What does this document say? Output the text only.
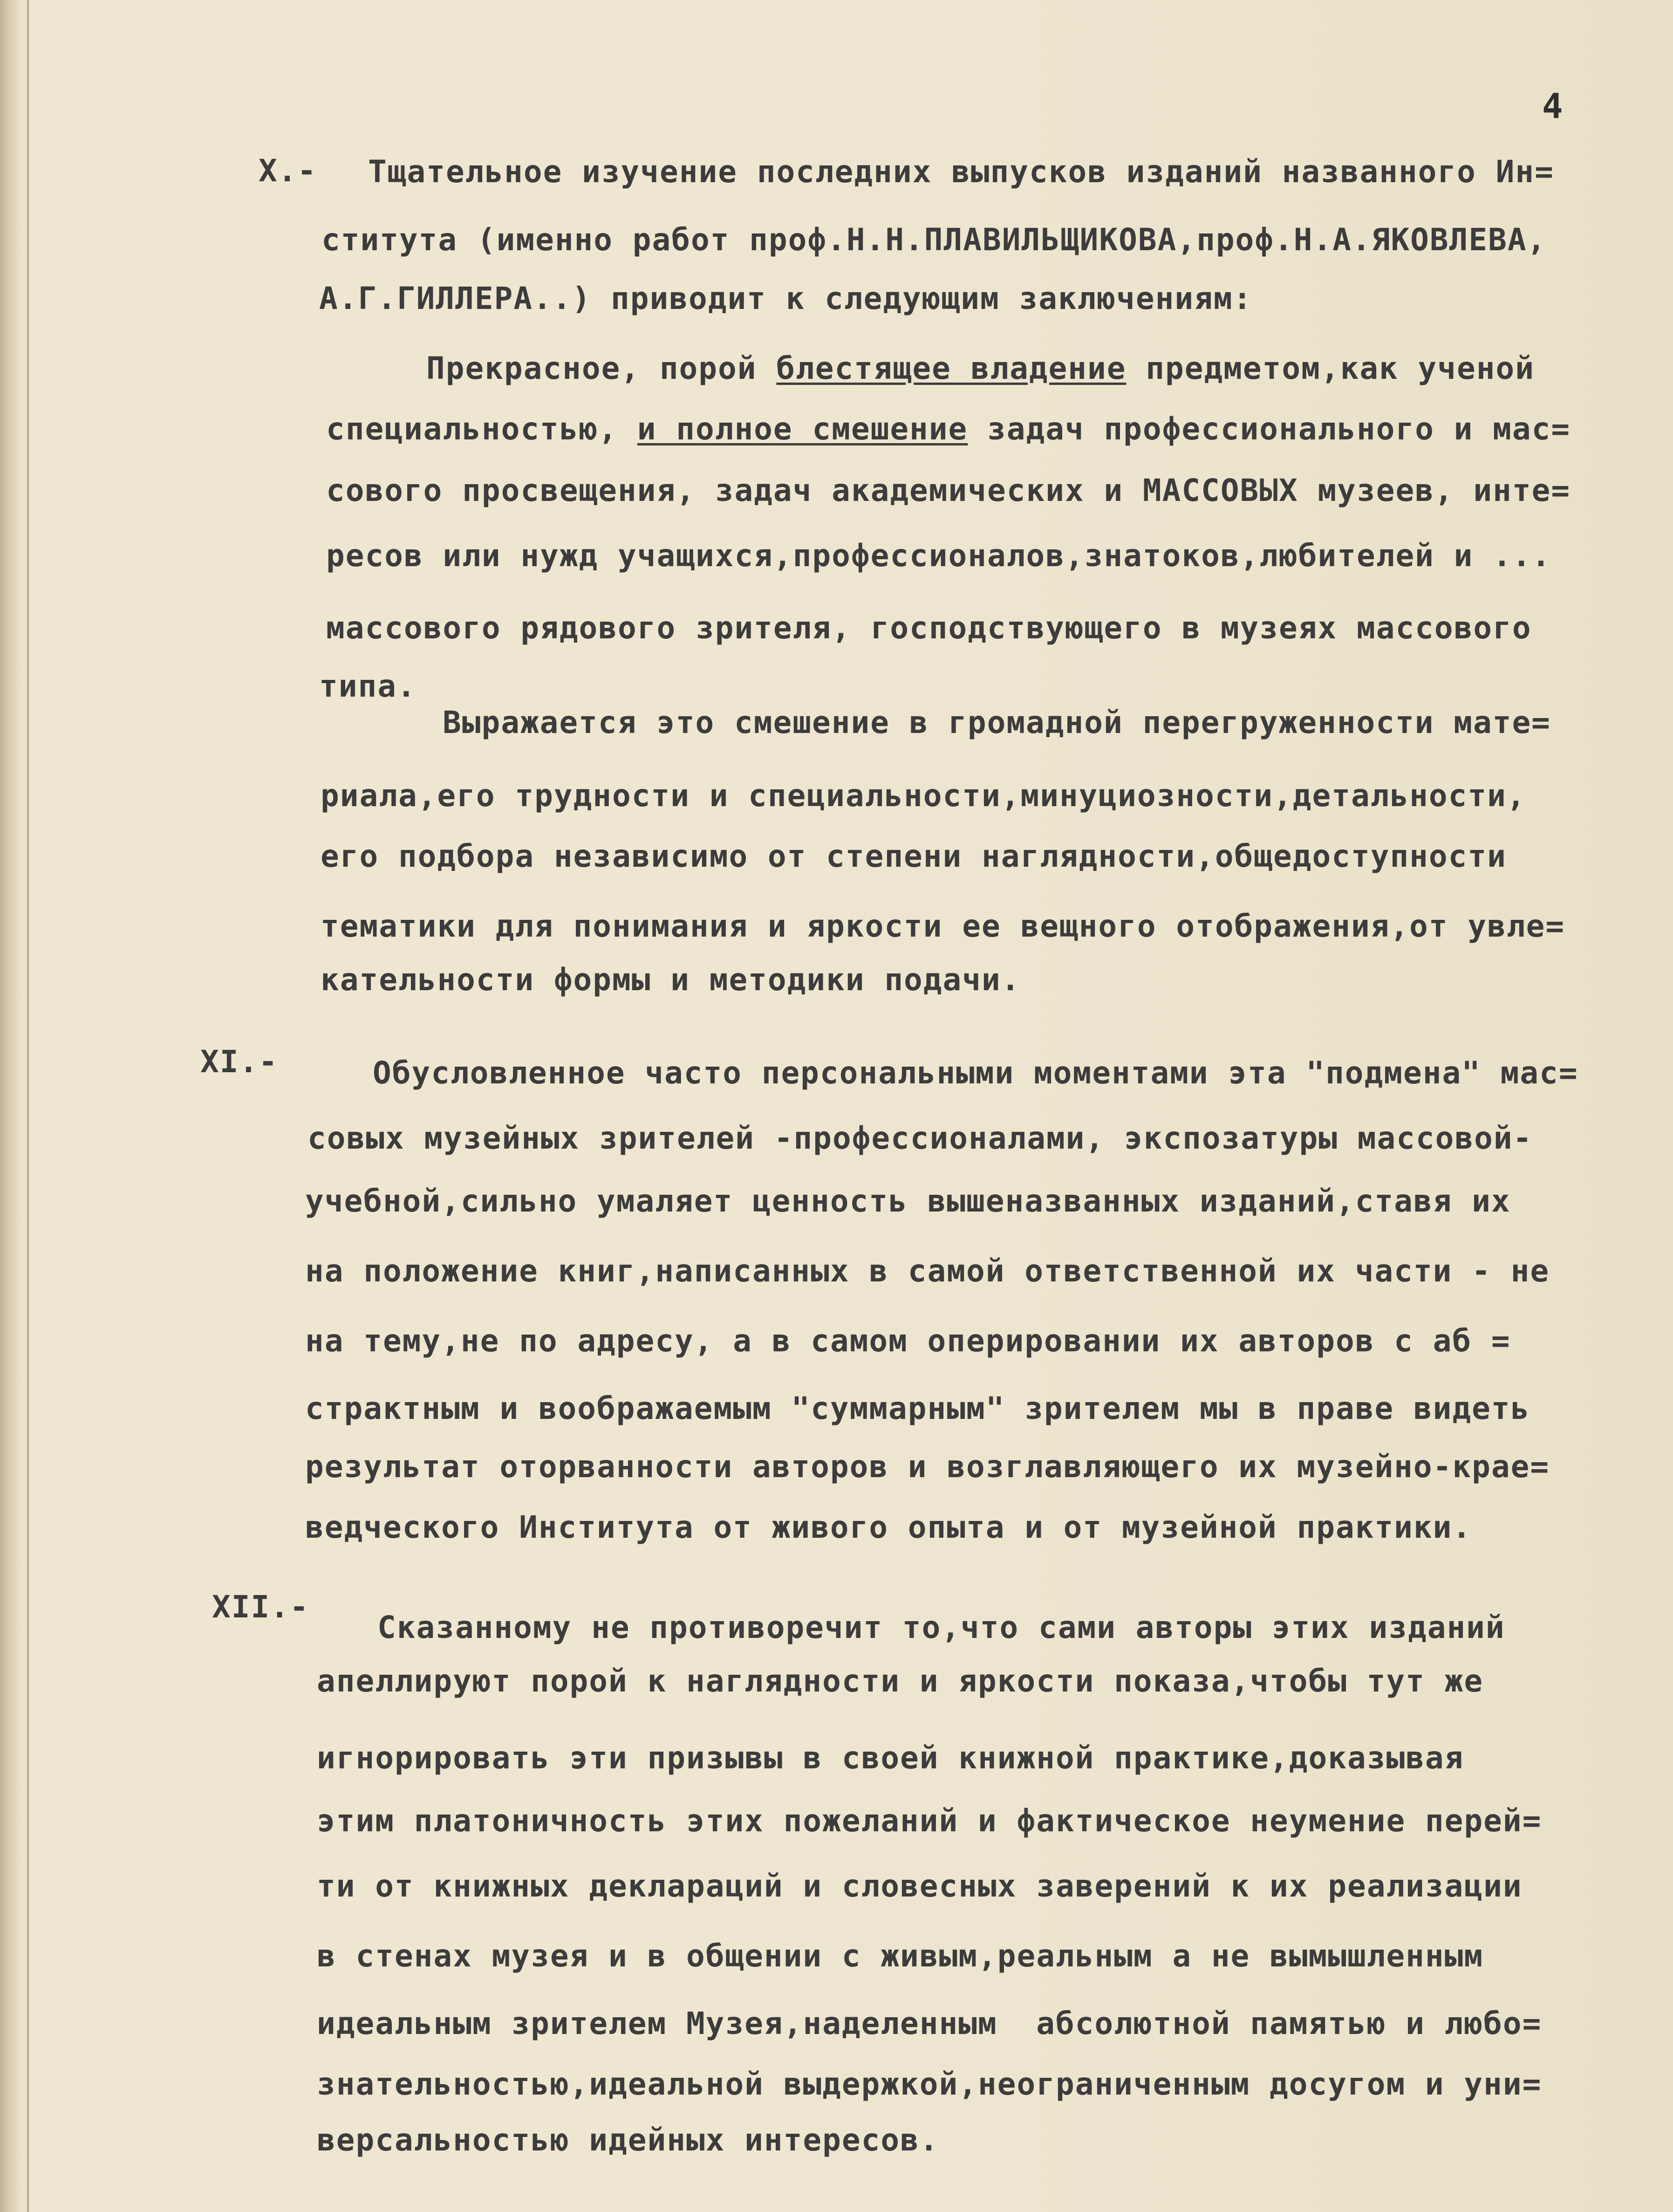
4
X.- Тщательное изучение последних выпусков изданий названного Ин=
ститута (именно работ проф.Н.Н.ПЛАВИЛЬЩИКОВА,проф.Н.А.ЯКОВЛЕВА,
А.Г.ГИЛЛЕРА..) приводит к следующим заключениям:
Прекрасное, порой блестящее владение предметом,как ученой
специальностью, и полное смешение задач профессионального и мас=
сового просвещения, задач академических и МАССОВЫХ музеев, инте=
ресов или нужд учащихся,профессионалов,знатоков,любителей и ...
массового рядового зрителя, господствующего в музеях массового
типа.
Выражается это смешение в громадной перегруженности мате=
риала,его трудности и специальности,минуциозности,детальности,
его подбора независимо от степени наглядности,общедоступности
тематики для понимания и яркости ее вещного отображения,от увле=
кательности формы и методики подачи.
XI.-	Обусловленное часто персональными моментами эта "подмена" мас=
совых музейных зрителей -профессионалами, экспозатуры массовой-
учебной,сильно умаляет ценность вышеназванных изданий,ставя их
на положение книг,написанных в самой ответственной их части - не
на тему,не по адресу, а в самом оперировании их авторов с аб =
страктным и воображаемым "суммарным" зрителем мы в праве видеть
результат оторванности авторов и возглавляющего их музейно-крае=
ведческого Института от живого опыта и от музейной практики.
XII.-
Сказанному не противоречит то,что сами авторы этих изданий
апеллируют порой к наглядности и яркости показа,чтобы тут же
игнорировать эти призывы в своей книжной практике,доказывая
этим платоничность этих пожеланий и фактическое неумение перей=
ти от книжных деклараций и словесных заверений к их реализации
в стенах музея и в общении с живым,реальным а не вымышленным
идеальным зрителем Музея,наделенным  абсолютной памятью и любо=
знательностью,идеальной выдержкой,неограниченным досугом и уни=
версальностью идейных интересов.
